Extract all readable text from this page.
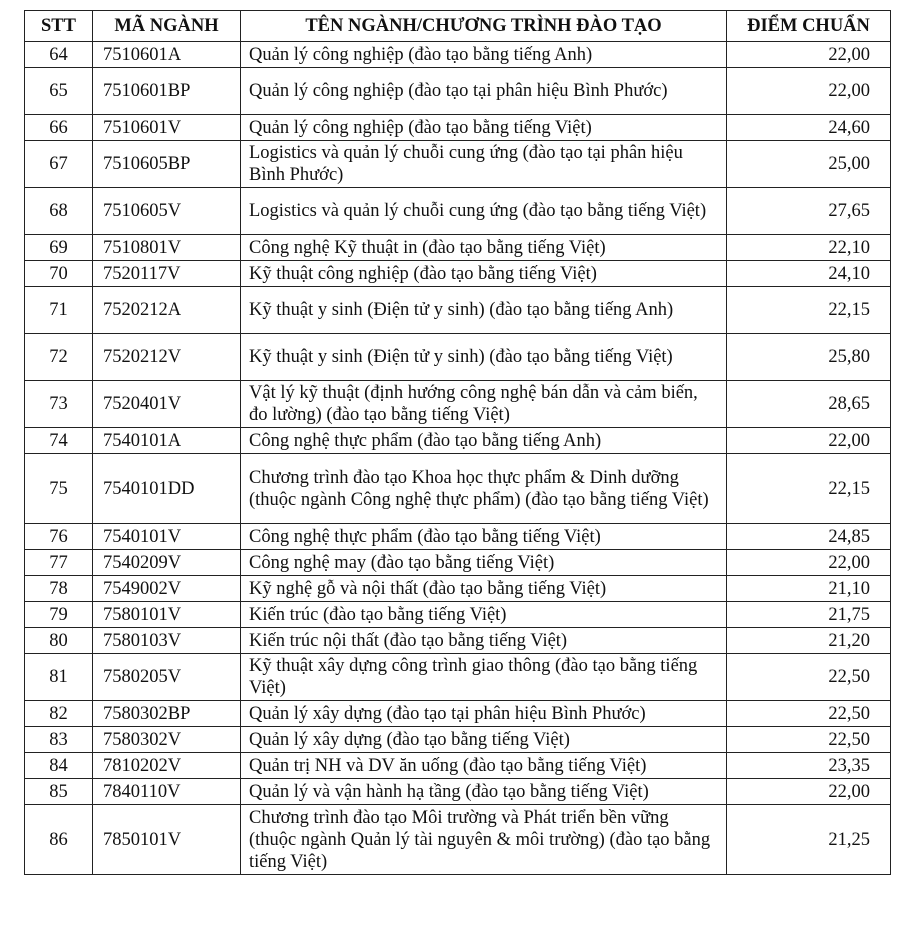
STT	MÃ NGÀNH	TÊN NGÀNH/CHƯƠNG TRÌNH ĐÀO TẠO	ĐIỂM CHUẨN
64	7510601A	Quản lý công nghiệp (đào tạo bằng tiếng Anh)	22,00
65	7510601BP	Quản lý công nghiệp (đào tạo tại phân hiệu Bình Phước)	22,00
66	7510601V	Quản lý công nghiệp (đào tạo bằng tiếng Việt)	24,60
67	7510605BP	Logistics và quản lý chuỗi cung ứng (đào tạo tại phân hiệu Bình Phước)	25,00
68	7510605V	Logistics và quản lý chuỗi cung ứng (đào tạo bằng tiếng Việt)	27,65
69	7510801V	Công nghệ Kỹ thuật in (đào tạo bằng tiếng Việt)	22,10
70	7520117V	Kỹ thuật công nghiệp (đào tạo bằng tiếng Việt)	24,10
71	7520212A	Kỹ thuật y sinh (Điện tử y sinh) (đào tạo bằng tiếng Anh)	22,15
72	7520212V	Kỹ thuật y sinh (Điện tử y sinh) (đào tạo bằng tiếng Việt)	25,80
73	7520401V	Vật lý kỹ thuật (định hướng công nghệ bán dẫn và cảm biến, đo lường) (đào tạo bằng tiếng Việt)	28,65
74	7540101A	Công nghệ thực phẩm (đào tạo bằng tiếng Anh)	22,00
75	7540101DD	Chương trình đào tạo Khoa học thực phẩm & Dinh dưỡng (thuộc ngành Công nghệ thực phẩm) (đào tạo bằng tiếng Việt)	22,15
76	7540101V	Công nghệ thực phẩm (đào tạo bằng tiếng Việt)	24,85
77	7540209V	Công nghệ may (đào tạo bằng tiếng Việt)	22,00
78	7549002V	Kỹ nghệ gỗ và nội thất (đào tạo bằng tiếng Việt)	21,10
79	7580101V	Kiến trúc (đào tạo bằng tiếng Việt)	21,75
80	7580103V	Kiến trúc nội thất (đào tạo bằng tiếng Việt)	21,20
81	7580205V	Kỹ thuật xây dựng công trình giao thông (đào tạo bằng tiếng Việt)	22,50
82	7580302BP	Quản lý xây dựng (đào tạo tại phân hiệu Bình Phước)	22,50
83	7580302V	Quản lý xây dựng (đào tạo bằng tiếng Việt)	22,50
84	7810202V	Quản trị NH và DV ăn uống (đào tạo bằng tiếng Việt)	23,35
85	7840110V	Quản lý và vận hành hạ tầng (đào tạo bằng tiếng Việt)	22,00
86	7850101V	Chương trình đào tạo Môi trường và Phát triển bền vững (thuộc ngành Quản lý tài nguyên & môi trường) (đào tạo bằng tiếng Việt)	21,25
